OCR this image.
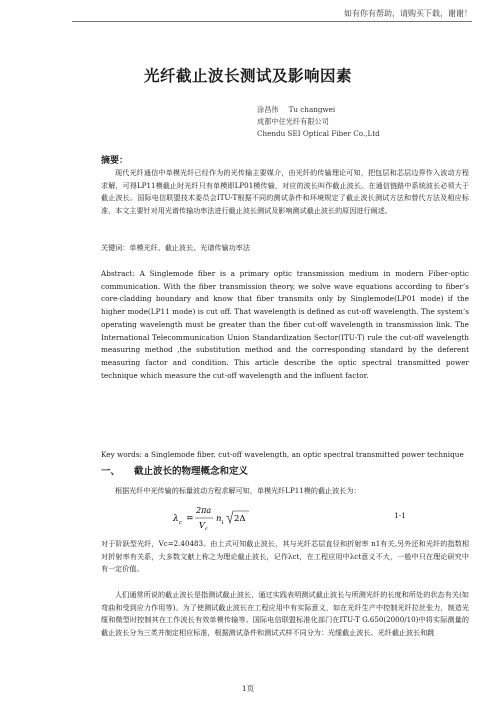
如有你有帮助，请购买下载，谢谢！
光纤截止波长测试及影响因素
涂昌伟 Tu changwei
成都中住光纤有限公司
Chendu SEI Optical Fiber Co.,Ltd
摘要：
现代光纤通信中单模光纤已经作为的光传输主要媒介，由光纤的传输理论可知，把包层和芯层边界作入波动方程求解，可得LP11模截止时光纤只有单模即LP01模传输，对应的波长叫作截止波长。在通信链路中系统波长必须大于截止波长。国际电信联盟技术委员会ITU-T根据不同的测试条件和环境规定了截止波长测试方法和替代方法及相应标准，本文主要针对用光谱传输功率法进行截止波长测试及影响测试截止波长的原因进行阐述。
关键词：单模光纤、截止波长、光谱传输功率法
Abstract: A Singlemode fiber is a primary optic transmission medium in modern Fiber-optic communication. With the fiber transmission theory, we solve wave equations according to fiber’s core-cladding boundary and know that fiber transmits only by Singlemode(LP01 mode) if the higher mode(LP11 mode) is cut off. That wavelength is defined as cut-off wavelength. The system’s operating wavelength must be greater than the fiber cut-off wavelength in transmission link. The International Telecommunication Union Standardization Sector(ITU-T) rule the cut-off wavelength measuring method ,the substitution method and the corresponding standard by the deferent measuring factor and condition. This article describe the optic spectral transmitted power technique which measure the cut-off wavelength and the influent factor.
Key words: a Singlemode fiber, cut-off wavelength, an optic spectral transmitted power technique
一、 截止波长的物理概念和定义
根据光纤中光传输的标量波动方程求解可知，单模光纤LP11模的截止波长为：
λ c =
2πa
V c
n 1 2Δ	1-1
对于阶跃型光纤，Vc=2.40483。由上式可知截止波长，其与光纤芯层直径和折射率 n1有关,另外还和光纤的指数相对折射率有关系，大多数文献上称之为理论截止波长，记作λct，在工程应用中λct意义不大，一般中只在理论研究中有一定价值。
人们通常所说的截止波长是指测试截止波长，通过实践表明测试截止波长与所测光纤的长度和所处的状态有关(如弯曲和受到应力作用等)。为了使测试截止波长在工程应用中有实际意义，如在光纤生产中控制光纤拉丝张力，制造光缆和微型时控制其在工作波长有效单模传输等。国际电信联盟标准化部门在ITU-T G.650(2000/10)中将实际测量的截止波长分为三类并制定相应标准，根据测试条件和测试式样不同分为：光缆截止波长、光纤截止波长和跳
1页
